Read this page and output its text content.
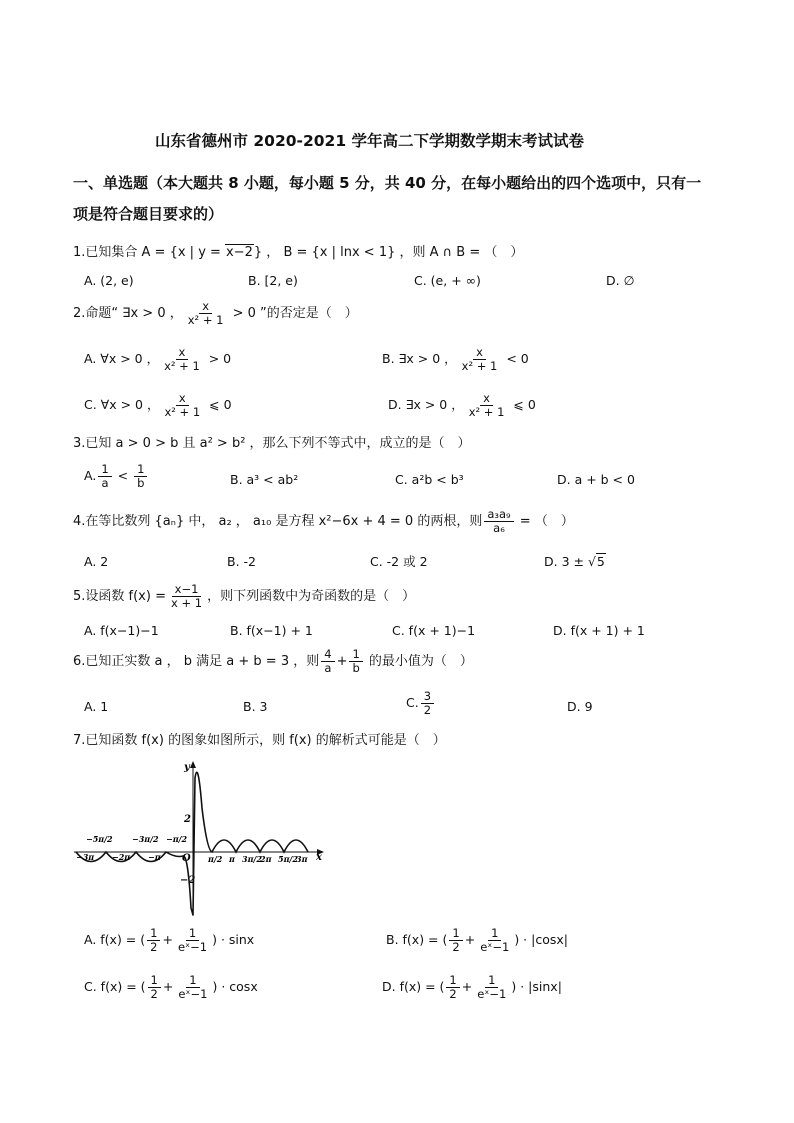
山东省德州市 2020-2021 学年高二下学期数学期末考试试卷
一、单选题（本大题共 8 小题，每小题 5 分，共 40 分，在每小题给出的四个选项中，只有一
项是符合题目要求的）
1.已知集合 A = {x | y = x−2} ， B = {x | lnx < 1} ，则 A ∩ B = （　）
A. (2, e)	B. [2, e)	C. (e, + ∞)	D. ∅
2.命题“ ∃x > 0 ， $\frac{x}{\text{x² + 1}} > 0$ ”的否定是（　）
A. ∀x > 0 ， $\frac{x}{\text{x² + 1}} > 0$	B. ∃x > 0 ， $\frac{x}{\text{x² + 1}} < 0$
C. ∀x > 0 ， $\frac{x}{\text{x² + 1}}$ ⩽ 0	D. ∃x > 0 ， $\frac{x}{\text{x² + 1}}$ ⩽ 0
3.已知 a > 0 > b 且 a² > b² ，那么下列不等式中，成立的是（　）
A. $\frac{1}{a} < \frac{1}{b}$	B. a³ < ab²	C. a²b < b³	D. a + b < 0
4.在等比数列 {aₙ} 中， a₂ ， a₁₀ 是方程 x²−6x + 4 = 0 的两根，则 $\frac{\text{a₃a₉}}{\text{a₆}}$ = （　）
A. 2	B. -2	C. -2 或 2	D. 3 ± √5
5.设函数 $f(x) = \frac{x-1}{x + 1}$ ，则下列函数中为奇函数的是（　）
A. f(x−1)−1	B. f(x−1) + 1	C. f(x + 1)−1	D. f(x + 1) + 1
6.已知正实数 a ， b 满足 a + b = 3 ，则 $\frac{4}{a} + \frac{1}{b}$ 的最小值为（　）
A. 1	B. 3	C. $\frac{3}{2}$	D. 9
7.已知函数 f(x) 的图象如图所示，则 f(x) 的解析式可能是（　）
y
x
O
2
−2
π/2 π 3π/2
2π 5π/2
3π
−5π/2 −3π/2 −π/2
−3π −2π −π
A. f(x) = ( $\frac{1}{2} + \frac{1}{\text{eˣ−1}}$ ) · sinx	B. f(x) = ( $\frac{1}{2} + \frac{1}{\text{eˣ−1}}$ ) · |cosx|
C. f(x) = ( $\frac{1}{2} + \frac{1}{\text{eˣ−1}}$ ) · cosx	D. f(x) = ( $\frac{1}{2} + \frac{1}{\text{eˣ−1}}$ ) · |sinx|
